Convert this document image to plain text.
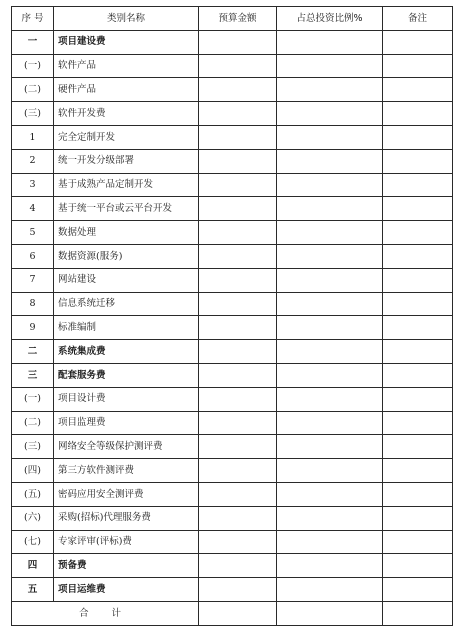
序 号	类别名称	预算金额	占总投资比例%	备注
一	项目建设费			
(一)	软件产品			
(二)	硬件产品			
(三)	软件开发费			
1	完全定制开发			
2	统一开发分级部署			
3	基于成熟产品定制开发			
4	基于统一平台或云平台开发			
5	数据处理			
6	数据资源(服务)			
7	网站建设			
8	信息系统迁移			
9	标准编制			
二	系统集成费			
三	配套服务费			
(一)	项目设计费			
(二)	项目监理费			
(三)	网络安全等级保护测评费			
(四)	第三方软件测评费			
(五)	密码应用安全测评费			
(六)	采购(招标)代理服务费			
(七)	专家评审(评标)费			
四	预备费			
五	项目运维费			
合 计				
